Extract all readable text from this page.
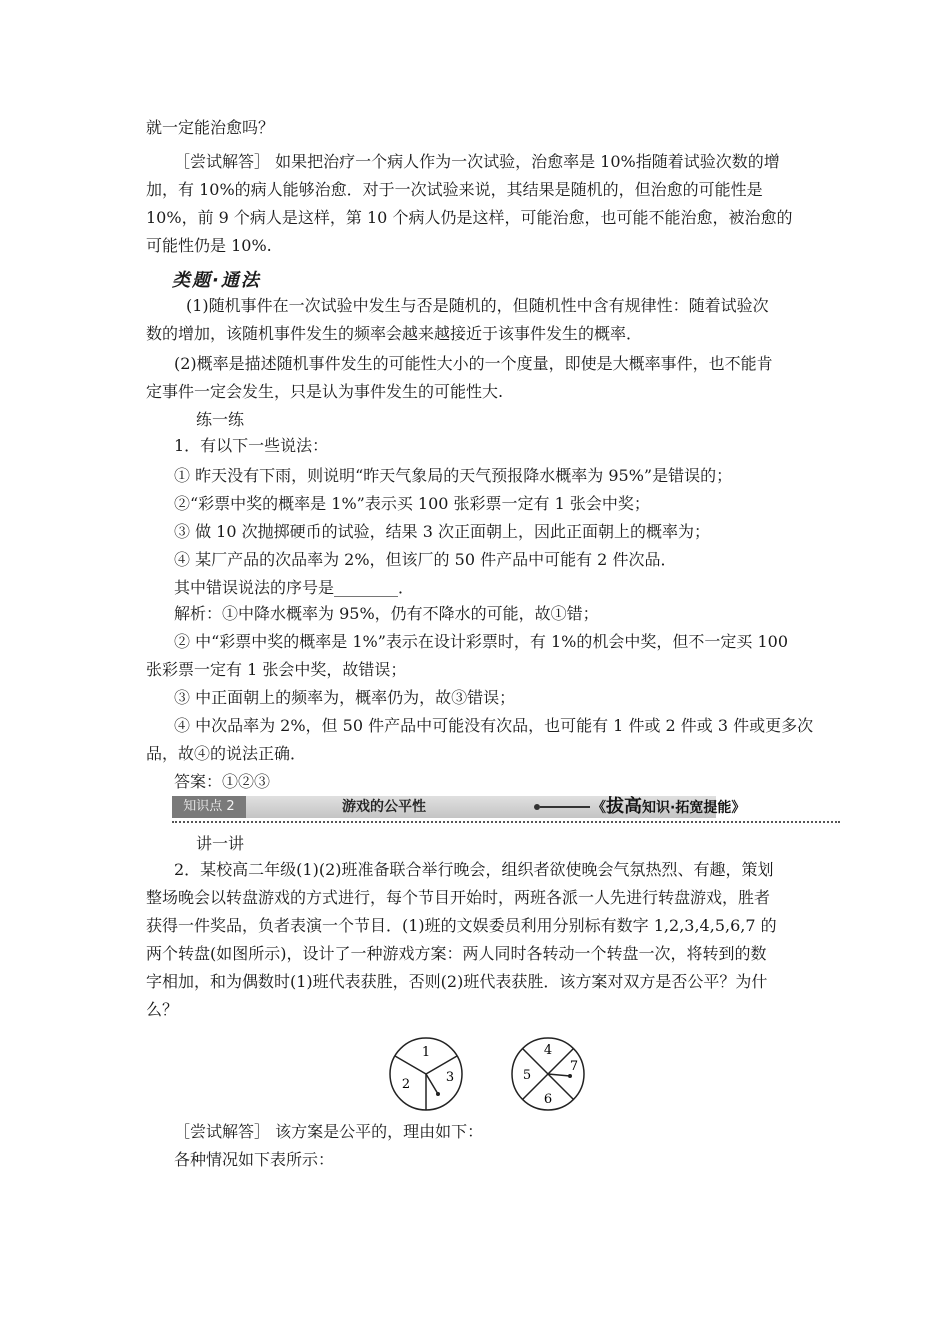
就一定能治愈吗？
［尝试解答］ 如果把治疗一个病人作为一次试验，治愈率是 10%指随着试验次数的增
加，有 10%的病人能够治愈．对于一次试验来说，其结果是随机的，但治愈的可能性是
10%，前 9 个病人是这样，第 10 个病人仍是这样，可能治愈，也可能不能治愈，被治愈的
可能性仍是 10%.
类题·通法
(1)随机事件在一次试验中发生与否是随机的，但随机性中含有规律性：随着试验次
数的增加，该随机事件发生的频率会越来越接近于该事件发生的概率．
(2)概率是描述随机事件发生的可能性大小的一个度量，即使是大概率事件，也不能肯
定事件一定会发生，只是认为事件发生的可能性大.
练一练
1．有以下一些说法：
① 昨天没有下雨，则说明“昨天气象局的天气预报降水概率为 95%”是错误的；
②“彩票中奖的概率是 1%”表示买 100 张彩票一定有 1 张会中奖；
③ 做 10 次抛掷硬币的试验，结果 3 次正面朝上，因此正面朝上的概率为；
④ 某厂产品的次品率为 2%，但该厂的 50 件产品中可能有 2 件次品．
其中错误说法的序号是________．
解析：①中降水概率为 95%，仍有不降水的可能，故①错；
② 中“彩票中奖的概率是 1%”表示在设计彩票时，有 1%的机会中奖，但不一定买 100
张彩票一定有 1 张会中奖，故错误；
③ 中正面朝上的频率为，概率仍为，故③错误；
④ 中次品率为 2%，但 50 件产品中可能没有次品，也可能有 1 件或 2 件或 3 件或更多次
品，故④的说法正确．
答案：①②③
知识点 2	游戏的公平性	《拔高知识·拓宽提能》
讲一讲
2．某校高二年级(1)(2)班准备联合举行晚会，组织者欲使晚会气氛热烈、有趣，策划
整场晚会以转盘游戏的方式进行，每个节目开始时，两班各派一人先进行转盘游戏，胜者
获得一件奖品，负者表演一个节目．(1)班的文娱委员利用分别标有数字 1,2,3,4,5,6,7 的
两个转盘(如图所示)，设计了一种游戏方案：两人同时各转动一个转盘一次，将转到的数
字相加，和为偶数时(1)班代表获胜，否则(2)班代表获胜．该方案对双方是否公平？为什
么？
1
2	3
4
5
6
7
［尝试解答］ 该方案是公平的，理由如下：
各种情况如下表所示：
